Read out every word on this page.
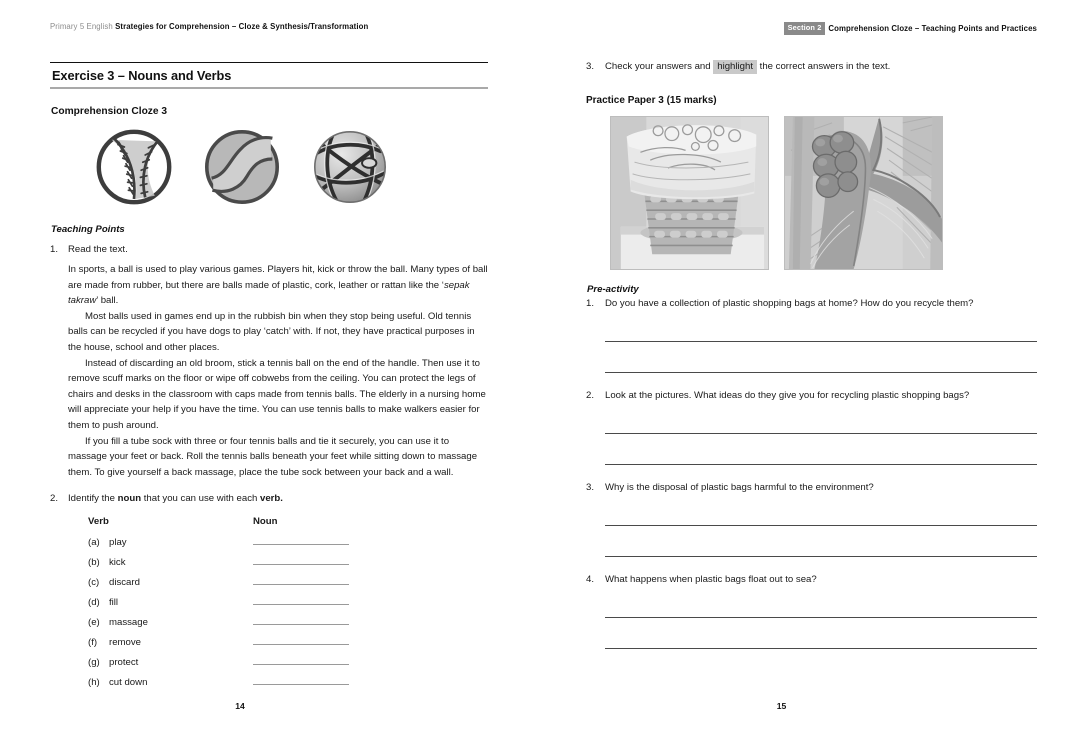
Primary 5 English Strategies for Comprehension – Cloze & Synthesis/Transformation
Exercise 3 – Nouns and Verbs
Comprehension Cloze 3
Teaching Points
1.	Read the text.

In sports, a ball is used to play various games. Players hit, kick or throw the ball. Many types of ball are made from rubber, but there are balls made of plastic, cork, leather or rattan like the ‘sepak takraw’ ball.

Most balls used in games end up in the rubbish bin when they stop being useful. Old tennis balls can be recycled if you have dogs to play ‘catch’ with. If not, they have practical purposes in the house, school and other places.

Instead of discarding an old broom, stick a tennis ball on the end of the handle. Then use it to remove scuff marks on the floor or wipe off cobwebs from the ceiling. You can protect the legs of chairs and desks in the classroom with caps made from tennis balls. The elderly in a nursing home will appreciate your help if you have the time. You can use tennis balls to make walkers easier for them to push around.

If you fill a tube sock with three or four tennis balls and tie it securely, you can use it to massage your feet or back. Roll the tennis balls beneath your feet while sitting down to massage them. To give yourself a back massage, place the tube sock between your back and a wall.

2.	Identify the noun that you can use with each verb.
Verb	Noun
(a) play
(b) kick
(c)	discard
(d) fill
(e) massage
(f)	remove
(g) protect
(h) cut down
14
Section 2 Comprehension Cloze – Teaching Points and Practices
3.	Check your answers and highlight the correct answers in the text.
Practice Paper 3 (15 marks)
Pre-activity
1.	Do you have a collection of plastic shopping bags at home? How do you recycle them?
2.	Look at the pictures. What ideas do they give you for recycling plastic shopping bags?
3.	Why is the disposal of plastic bags harmful to the environment?
4.	What happens when plastic bags float out to sea?
15
